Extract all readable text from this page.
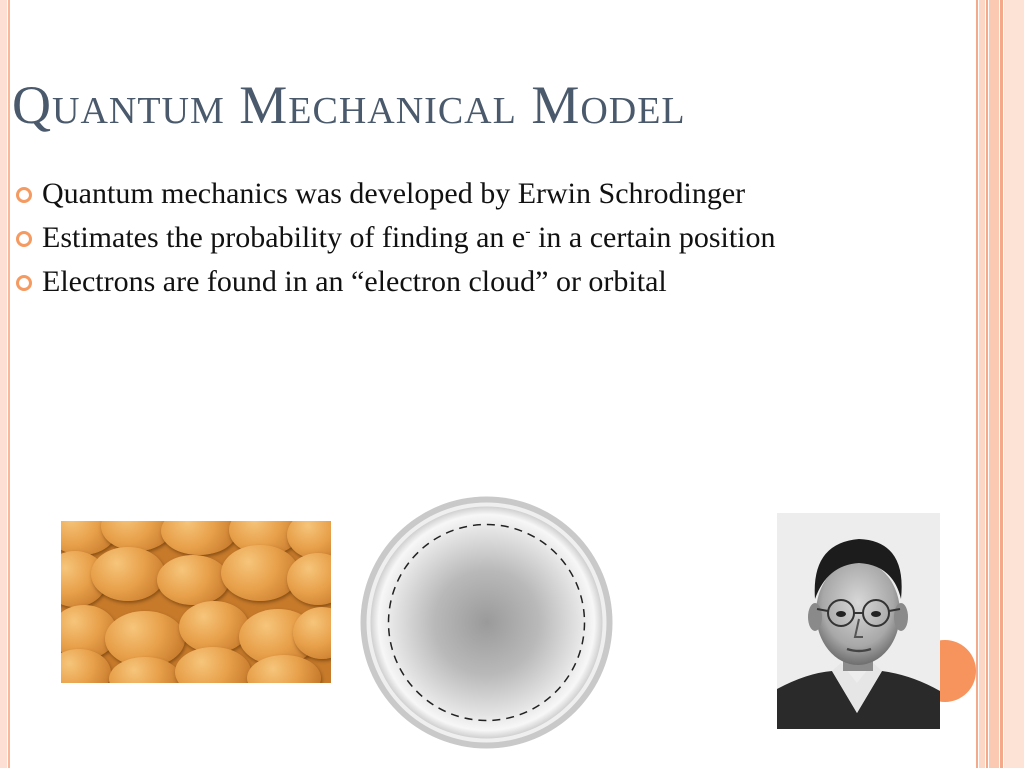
Quantum Mechanical Model
Quantum mechanics was developed by Erwin Schrodinger
Estimates the probability of finding an e- in a certain position
Electrons are found in an “electron cloud” or orbital
